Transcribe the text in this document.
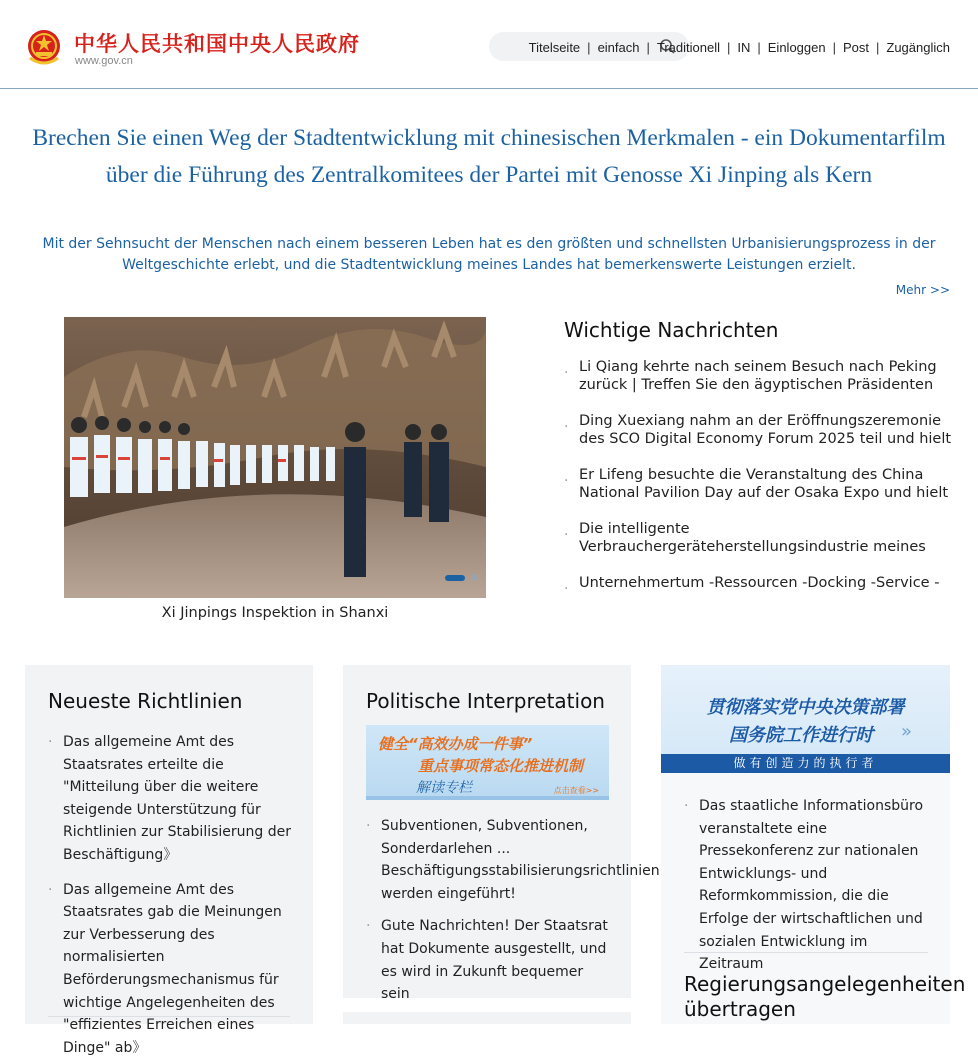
中华人民共和国中央人民政府
www.gov.cn
Titelseite | einfach | Traditionell | IN | Einloggen | Post | Zugänglich
Brechen Sie einen Weg der Stadtentwicklung mit chinesischen Merkmalen - ein Dokumentarfilm über die Führung des Zentralkomitees der Partei mit Genosse Xi Jinping als Kern
Mit der Sehnsucht der Menschen nach einem besseren Leben hat es den größten und schnellsten Urbanisierungsprozess in der Weltgeschichte erlebt, und die Stadtentwicklung meines Landes hat bemerkenswerte Leistungen erzielt.
Mehr >>
Xi Jinpings Inspektion in Shanxi
Wichtige Nachrichten
· Li Qiang kehrte nach seinem Besuch nach Peking
zurück | Treffen Sie den ägyptischen Präsidenten
· Ding Xuexiang nahm an der Eröffnungszeremonie
des SCO Digital Economy Forum 2025 teil und hielt
· Er Lifeng besuchte die Veranstaltung des China
National Pavilion Day auf der Osaka Expo und hielt
· Die intelligente
Verbrauchergeräteherstellungsindustrie meines
· Unternehmertum -Ressourcen -Docking -Service -
Neueste Richtlinien
· Das allgemeine Amt des Staatsrates erteilte die "Mitteilung über die weitere steigende Unterstützung für Richtlinien zur Stabilisierung der Beschäftigung》
· Das allgemeine Amt des Staatsrates gab die Meinungen zur Verbesserung des normalisierten Beförderungsmechanismus für wichtige Angelegenheiten des "effizientes Erreichen eines Dinge" ab》
Politische Interpretation
健全“高效办成一件事”
重点事项常态化推进机制
解读专栏	点击查看>>
· Subventionen, Subventionen, Sonderdarlehen ... Beschäftigungsstabilisierungsrichtlinien werden eingeführt!
· Gute Nachrichten! Der Staatsrat hat Dokumente ausgestellt, und es wird in Zukunft bequemer sein
贯彻落实党中央决策部署
国务院工作进行时 »
做有创造力的执行者
· Das staatliche Informationsbüro veranstaltete eine Pressekonferenz zur nationalen Entwicklungs- und Reformkommission, die die Erfolge der wirtschaftlichen und sozialen Entwicklung im Zeitraum
Regierungsangelegenheiten übertragen
